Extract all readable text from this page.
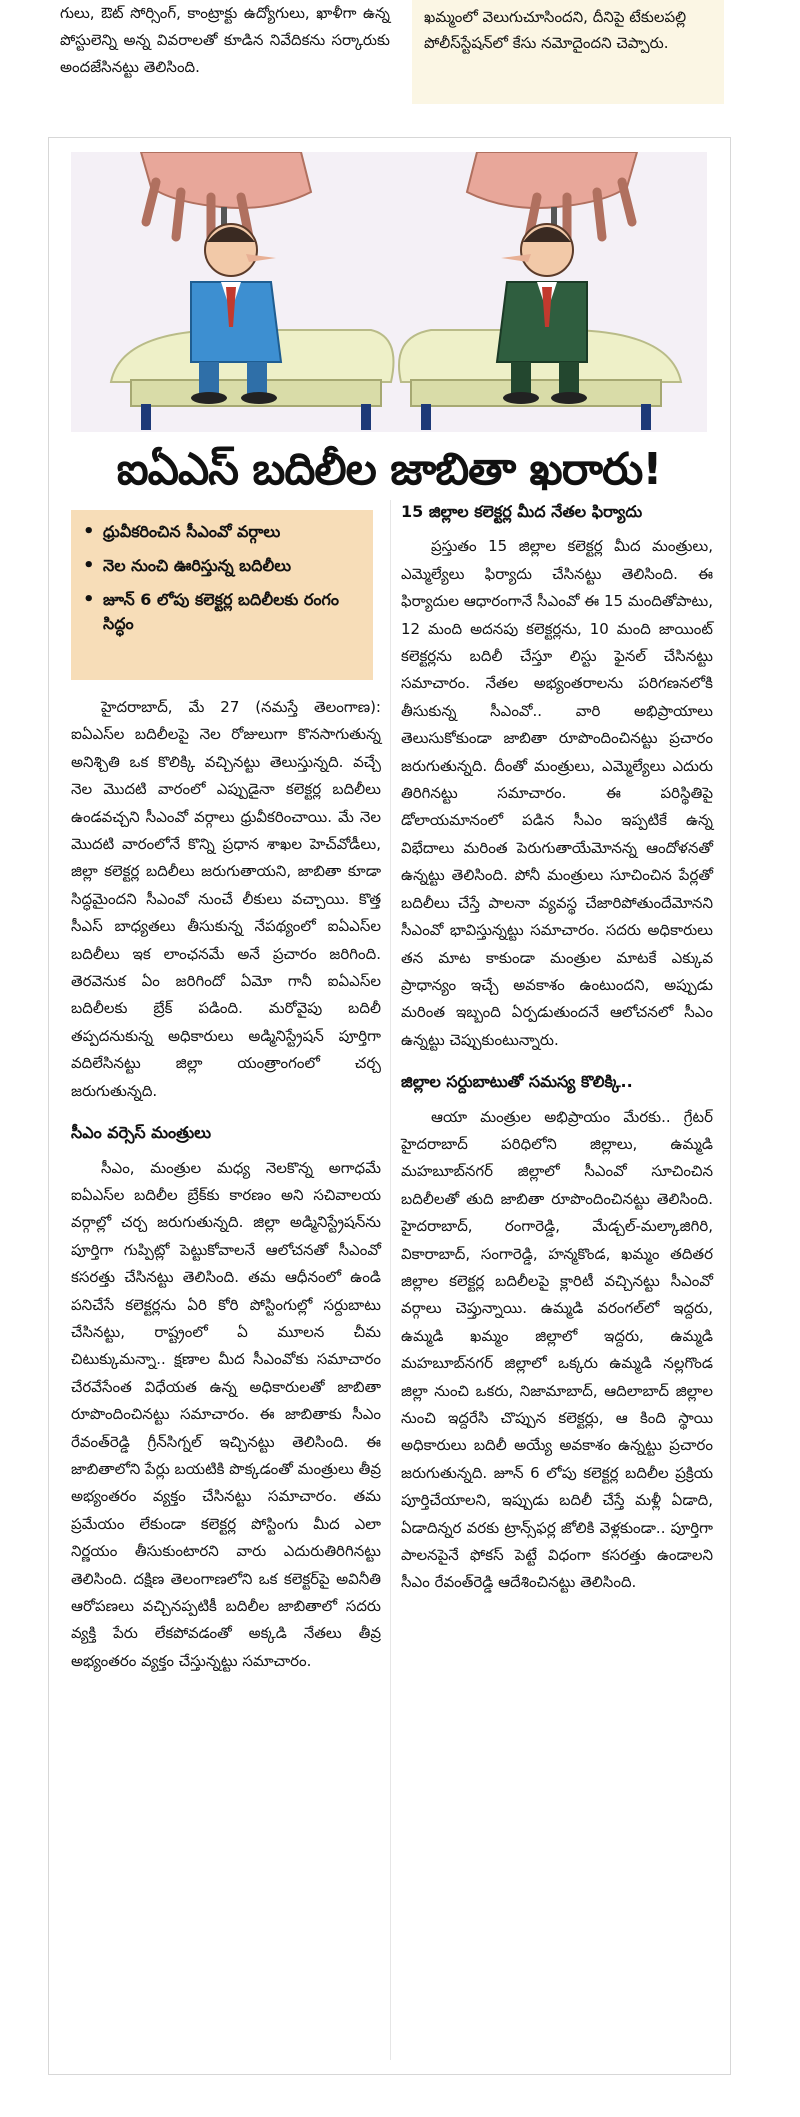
గులు, ఔట్ సోర్సింగ్, కాంట్రాక్టు ఉద్యోగులు, ఖాళీగా ఉన్న పోస్టులెన్ని అన్న వివరాలతో కూడిన నివేదికను సర్కారుకు అందజేసినట్టు తెలిసింది.

ఖమ్మంలో వెలుగుచూసిందని, దీనిపై టేకులపల్లి పోలీస్‌స్టేషన్‌లో కేసు నమోదైందని చెప్పారు.

ఐఏఎస్ బదిలీల జాబితా ఖరారు!
• ధ్రువీకరించిన సీఎంవో వర్గాలు
• నెల నుంచి ఊరిస్తున్న బదిలీలు
• జూన్ 6 లోపు కలెక్టర్ల బదిలీలకు రంగం సిద్ధం

హైదరాబాద్, మే 27 (నమస్తే తెలంగాణ): ఐఏఎస్‌ల బదిలీలపై నెల రోజులుగా కొనసాగుతున్న అనిశ్చితి ఒక కొలిక్కి వచ్చినట్టు తెలుస్తున్నది. వచ్చే నెల మొదటి వారంలో ఎప్పుడైనా కలెక్టర్ల బదిలీలు ఉండవచ్చని సీఎంవో వర్గాలు ధ్రువీకరించాయి. మే నెల మొదటి వారంలోనే కొన్ని ప్రధాన శాఖల హెచ్‌వోడీలు, జిల్లా కలెక్టర్ల బదిలీలు జరుగుతాయని, జాబితా కూడా సిద్ధమైందని సీఎంవో నుంచే లీకులు వచ్చాయి. కొత్త సీఎస్ బాధ్యతలు తీసుకున్న నేపథ్యంలో ఐఏఎస్‌ల బదిలీలు ఇక లాంఛనమే అనే ప్రచారం జరిగింది. తెరవెనుక ఏం జరిగిందో ఏమో గానీ ఐఏఎస్‌ల బదిలీలకు బ్రేక్ పడింది. మరోవైపు బదిలీ తప్పదనుకున్న అధికారులు అడ్మినిస్ట్రేషన్ పూర్తిగా వదిలేసినట్టు జిల్లా యంత్రాంగంలో చర్చ జరుగుతున్నది.

సీఎం వర్సెస్ మంత్రులు

సీఎం, మంత్రుల మధ్య నెలకొన్న అగాధమే ఐఏఎస్‌ల బదిలీల బ్రేక్‌కు కారణం అని సచివాలయ వర్గాల్లో చర్చ జరుగుతున్నది. జిల్లా అడ్మినిస్ట్రేషన్‌ను పూర్తిగా గుప్పిట్లో పెట్టుకోవాలనే ఆలోచనతో సీఎంవో కసరత్తు చేసినట్టు తెలిసింది. తమ ఆధీనంలో ఉండి పనిచేసే కలెక్టర్లను ఏరి కోరి పోస్టింగుల్లో సర్దుబాటు చేసినట్టు, రాష్ట్రంలో ఏ మూలన చీమ చిటుక్కుమన్నా.. క్షణాల మీద సీఎంవోకు సమాచారం చేరవేసేంత విధేయత ఉన్న అధికారులతో జాబితా రూపొందించినట్టు సమాచారం. ఈ జాబితాకు సీఎం రేవంత్‌రెడ్డి గ్రీన్‌సిగ్నల్ ఇచ్చినట్టు తెలిసింది. ఈ జాబితాలోని పేర్లు బయటికి పొక్కడంతో మంత్రులు తీవ్ర అభ్యంతరం వ్యక్తం చేసినట్టు సమాచారం. తమ ప్రమేయం లేకుండా కలెక్టర్ల పోస్టింగు మీద ఎలా నిర్ణయం తీసుకుంటారని వారు ఎదురుతిరిగినట్టు తెలిసింది. దక్షిణ తెలంగాణలోని ఒక కలెక్టర్‌పై అవినీతి ఆరోపణలు వచ్చినప్పటికీ బదిలీల జాబితాలో సదరు వ్యక్తి పేరు లేకపోవడంతో అక్కడి నేతలు తీవ్ర అభ్యంతరం వ్యక్తం చేస్తున్నట్టు సమాచారం.

15 జిల్లాల కలెక్టర్ల మీద నేతల ఫిర్యాదు

ప్రస్తుతం 15 జిల్లాల కలెక్టర్ల మీద మంత్రులు, ఎమ్మెల్యేలు ఫిర్యాదు చేసినట్టు తెలిసింది. ఈ ఫిర్యాదుల ఆధారంగానే సీఎంవో ఈ 15 మందితోపాటు, 12 మంది అదనపు కలెక్టర్లను, 10 మంది జాయింట్ కలెక్టర్లను బదిలీ చేస్తూ లిస్టు ఫైనల్ చేసినట్టు సమాచారం. నేతల అభ్యంతరాలను పరిగణనలోకి తీసుకున్న సీఎంవో.. వారి అభిప్రాయాలు తెలుసుకోకుండా జాబితా రూపొందించినట్టు ప్రచారం జరుగుతున్నది. దీంతో మంత్రులు, ఎమ్మెల్యేలు ఎదురు తిరిగినట్టు సమాచారం. ఈ పరిస్థితిపై డోలాయమానంలో పడిన సీఎం ఇప్పటికే ఉన్న విభేదాలు మరింత పెరుగుతాయేమోనన్న ఆందోళనతో ఉన్నట్టు తెలిసింది. పోనీ మంత్రులు సూచించిన పేర్లతో బదిలీలు చేస్తే పాలనా వ్యవస్థ చేజారిపోతుందేమోనని సీఎంవో భావిస్తున్నట్టు సమాచారం. సదరు అధికారులు తన మాట కాకుండా మంత్రుల మాటకే ఎక్కువ ప్రాధాన్యం ఇచ్చే అవకాశం ఉంటుందని, అప్పుడు మరింత ఇబ్బంది ఏర్పడుతుందనే ఆలోచనలో సీఎం ఉన్నట్టు చెప్పుకుంటున్నారు.

జిల్లాల సర్దుబాటుతో సమస్య కొలిక్కి..

ఆయా మంత్రుల అభిప్రాయం మేరకు.. గ్రేటర్ హైదరాబాద్ పరిధిలోని జిల్లాలు, ఉమ్మడి మహబూబ్‌నగర్ జిల్లాలో సీఎంవో సూచించిన బదిలీలతో తుది జాబితా రూపొందించినట్టు తెలిసింది. హైదరాబాద్, రంగారెడ్డి, మేడ్చల్-మల్కాజిగిరి, వికారాబాద్, సంగారెడ్డి, హన్మకొండ, ఖమ్మం తదితర జిల్లాల కలెక్టర్ల బదిలీలపై క్లారిటీ వచ్చినట్టు సీఎంవో వర్గాలు చెప్తున్నాయి. ఉమ్మడి వరంగల్‌లో ఇద్దరు, ఉమ్మడి ఖమ్మం జిల్లాలో ఇద్దరు, ఉమ్మడి మహబూబ్‌నగర్ జిల్లాలో ఒక్కరు ఉమ్మడి నల్లగొండ జిల్లా నుంచి ఒకరు, నిజామాబాద్, ఆదిలాబాద్ జిల్లాల నుంచి ఇద్దరేసి చొప్పున కలెక్టర్లు, ఆ కింది స్థాయి అధికారులు బదిలీ అయ్యే అవకాశం ఉన్నట్టు ప్రచారం జరుగుతున్నది. జూన్ 6 లోపు కలెక్టర్ల బదిలీల ప్రక్రియ పూర్తిచేయాలని, ఇప్పుడు బదిలీ చేస్తే మళ్లీ ఏడాది, ఏడాదిన్నర వరకు ట్రాన్స్‌ఫర్ల జోలికి వెళ్లకుండా.. పూర్తిగా పాలనపైనే ఫోకస్ పెట్టే విధంగా కసరత్తు ఉండాలని సీఎం రేవంత్‌రెడ్డి ఆదేశించినట్టు తెలిసింది.
